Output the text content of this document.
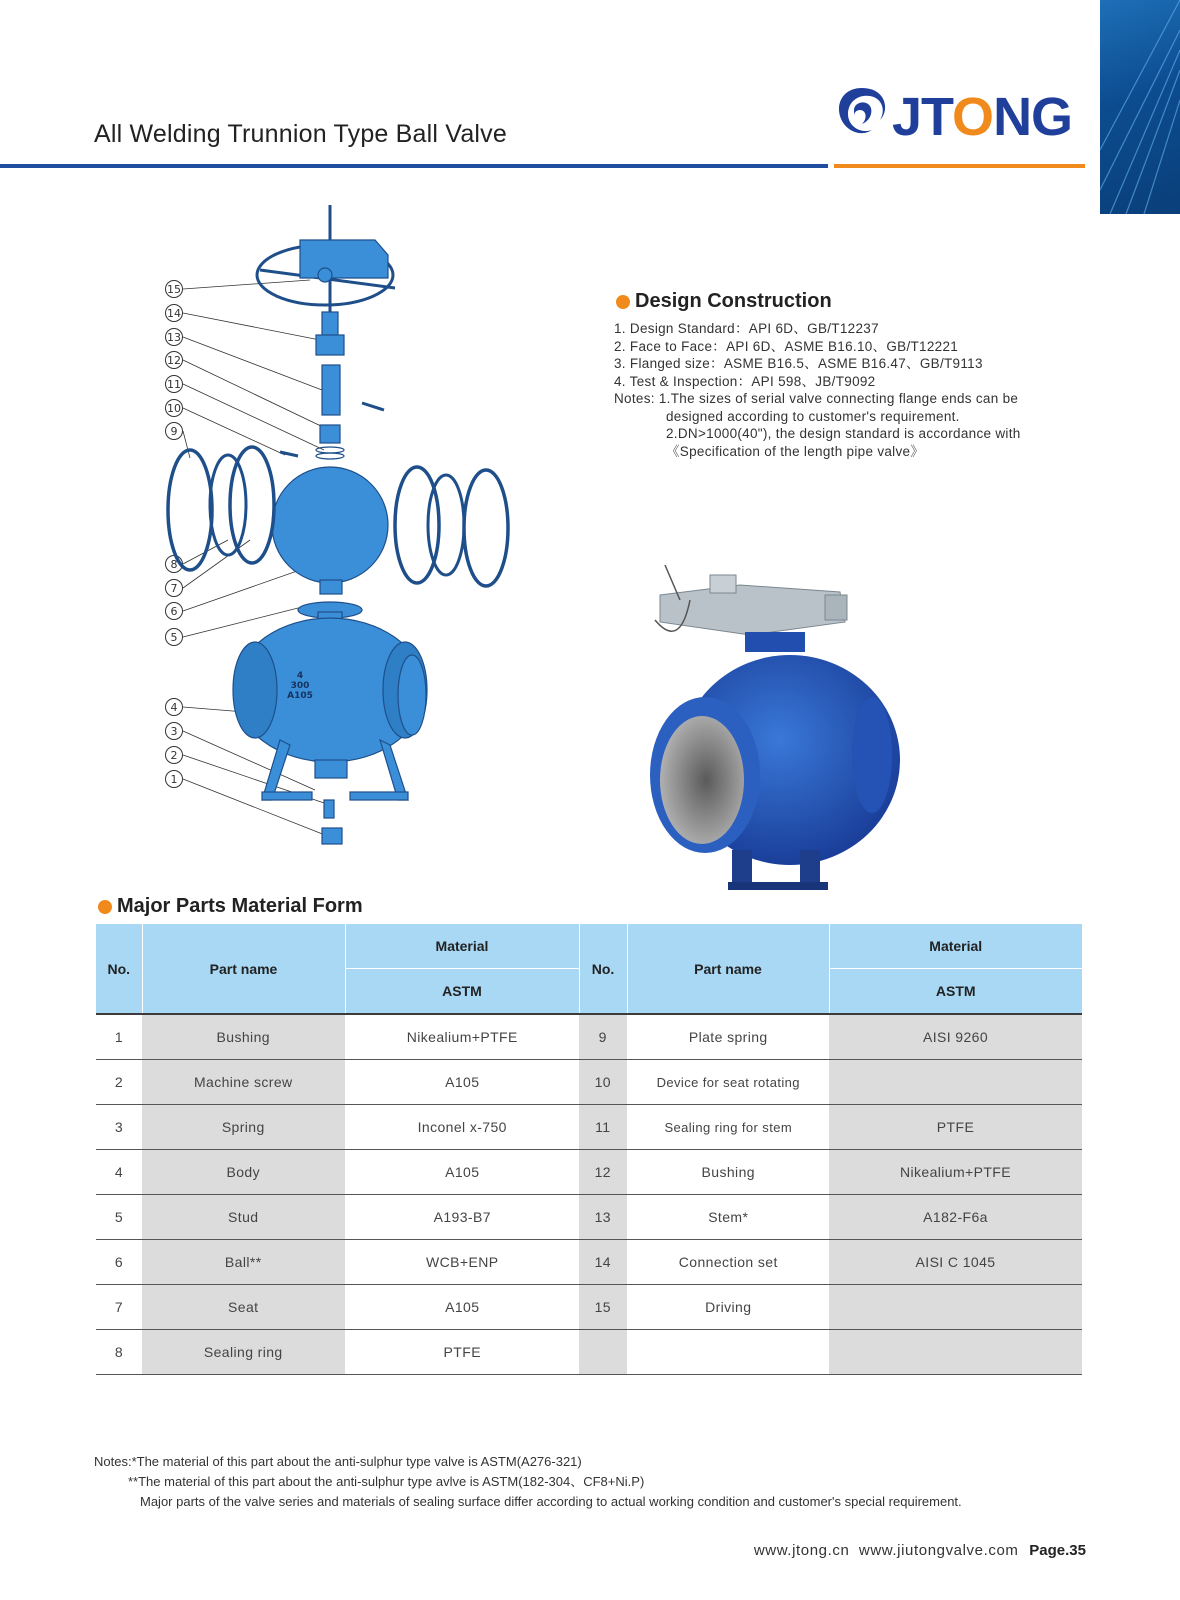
All Welding Trunnion Type Ball Valve	JTONG
15
14
13
12
11
10
9
8
7
6
5
4
3
2
1
4
300
A105
Design Construction
1. Design Standard：API 6D、GB/T12237
2. Face to Face：API 6D、ASME B16.10、GB/T12221
3. Flanged size：ASME B16.5、ASME B16.47、GB/T9113
4. Test & Inspection：API 598、JB/T9092
Notes: 1.The sizes of serial valve connecting flange ends can be
designed according to customer's requirement.
2.DN>1000(40"), the design standard is accordance with
《Specification of the length pipe valve》
Major Parts Material Form
No.	Part name	Material	No.	Part name	Material
		ASTM			ASTM
1	Bushing	Nikealium+PTFE	9	Plate spring	AISI 9260
2	Machine screw	A105	10	Device for seat rotating	
3	Spring	Inconel x-750	11	Sealing ring for stem	PTFE
4	Body	A105	12	Bushing	Nikealium+PTFE
5	Stud	A193-B7	13	Stem*	A182-F6a
6	Ball**	WCB+ENP	14	Connection set	AISI C 1045
7	Seat	A105	15	Driving	
8	Sealing ring	PTFE			
Notes:*The material of this part about the anti-sulphur type valve is ASTM(A276-321)
**The material of this part about the anti-sulphur type avlve is ASTM(182-304、CF8+Ni.P)
Major parts of the valve series and materials of sealing surface differ according to actual working condition and customer's special requirement.
www.jtong.cn  www.jiutongvalve.com Page.35
